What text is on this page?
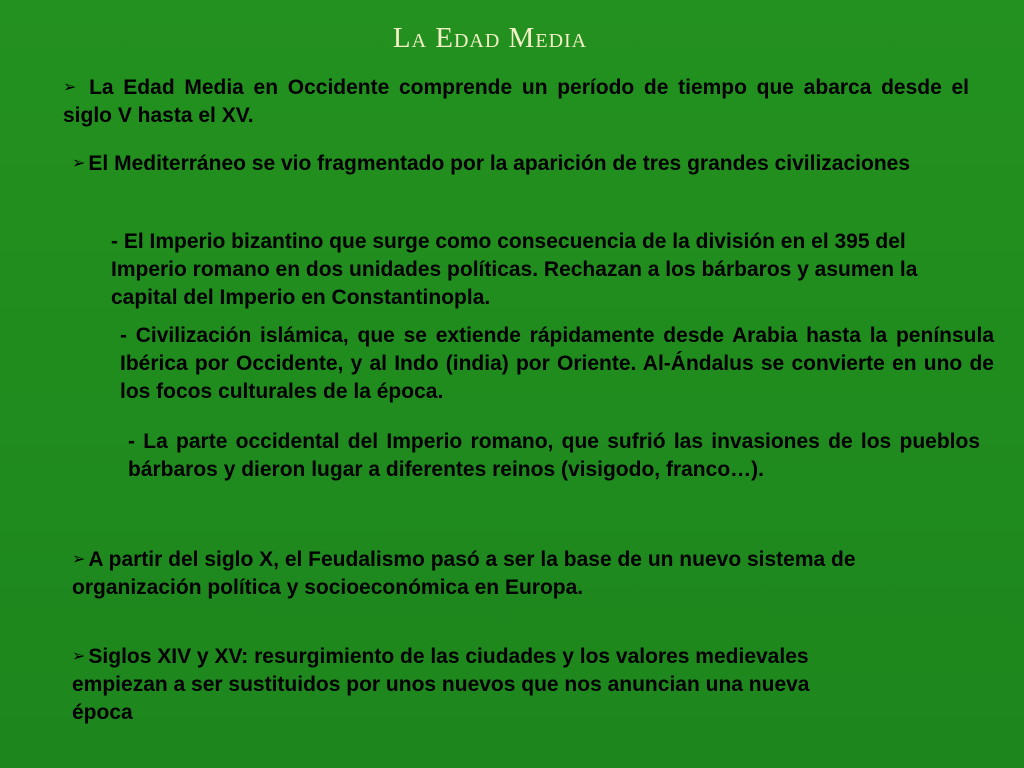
La Edad Media

➢ La Edad Media en Occidente comprende un período de tiempo que abarca desde el siglo V hasta el XV.

➢ El Mediterráneo se vio fragmentado por la aparición de tres grandes civilizaciones

- El Imperio bizantino que surge como consecuencia de la división en el 395 del Imperio romano en dos unidades políticas. Rechazan a los bárbaros y asumen la capital del Imperio en Constantinopla.

- Civilización islámica, que se extiende rápidamente desde Arabia hasta la península Ibérica por Occidente, y al Indo (india) por Oriente. Al-Ándalus se convierte en uno de los focos culturales de la época.

- La parte occidental del Imperio romano, que sufrió las invasiones de los pueblos bárbaros y dieron lugar a diferentes reinos (visigodo, franco…).

➢ A partir del siglo X, el Feudalismo pasó a ser la base de un nuevo sistema de organización política y socioeconómica en Europa.

➢ Siglos XIV y XV: resurgimiento de las ciudades y los valores medievales empiezan a ser sustituidos por unos nuevos que nos anuncian una nueva época
